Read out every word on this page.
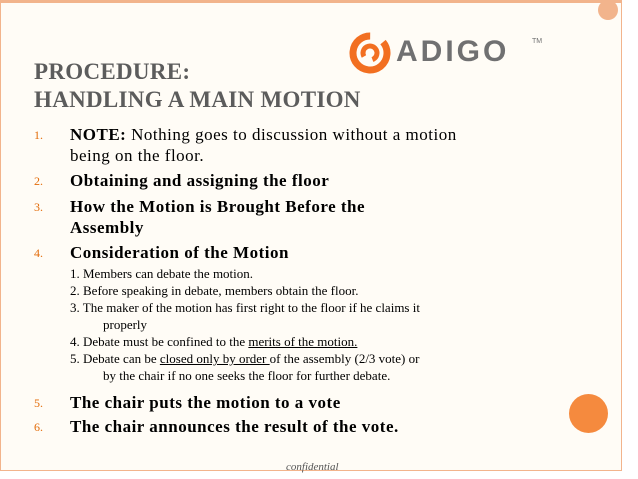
PROCEDURE:
HANDLING A MAIN MOTION
ADIGO	TM
1. NOTE: Nothing goes to discussion without a motion
being on the floor.
2. Obtaining and assigning the floor
3. How the Motion is Brought Before the
Assembly
4. Consideration of the Motion
1. Members can debate the motion.
2. Before speaking in debate, members obtain the floor.
3. The maker of the motion has first right to the floor if he claims it
properly
4. Debate must be confined to the merits of the motion.
5. Debate can be closed only by order of the assembly (2/3 vote) or
by the chair if no one seeks the floor for further debate.
5. The chair puts the motion to a vote
6. The chair announces the result of the vote.
confidential
